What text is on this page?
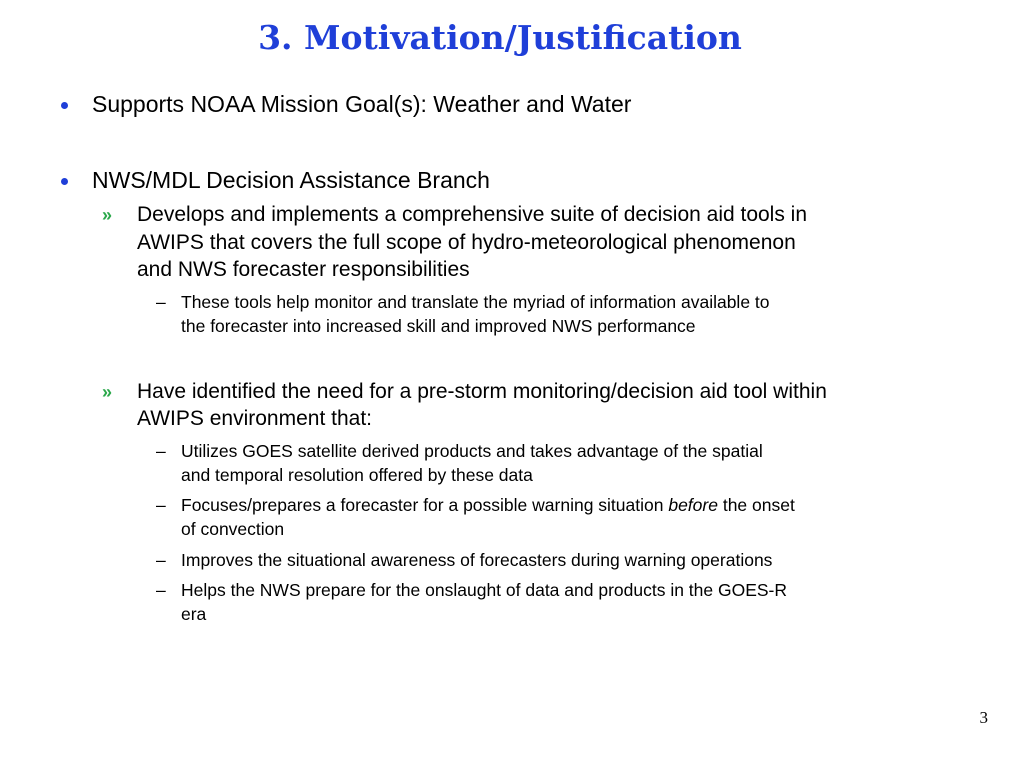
3. Motivation/Justification
Supports NOAA Mission Goal(s): Weather and Water
NWS/MDL Decision Assistance Branch
» Develops and implements a comprehensive suite of decision aid tools in
AWIPS that covers the full scope of hydro-meteorological phenomenon
and NWS forecaster responsibilities
– These tools help monitor and translate the myriad of information available to
the forecaster into increased skill and improved NWS performance
» Have identified the need for a pre-storm monitoring/decision aid tool within
AWIPS environment that:
– Utilizes GOES satellite derived products and takes advantage of the spatial
and temporal resolution offered by these data
– Focuses/prepares a forecaster for a possible warning situation before the onset
of convection
– Improves the situational awareness of forecasters during warning operations
– Helps the NWS prepare for the onslaught of data and products in the GOES-R
era
3
